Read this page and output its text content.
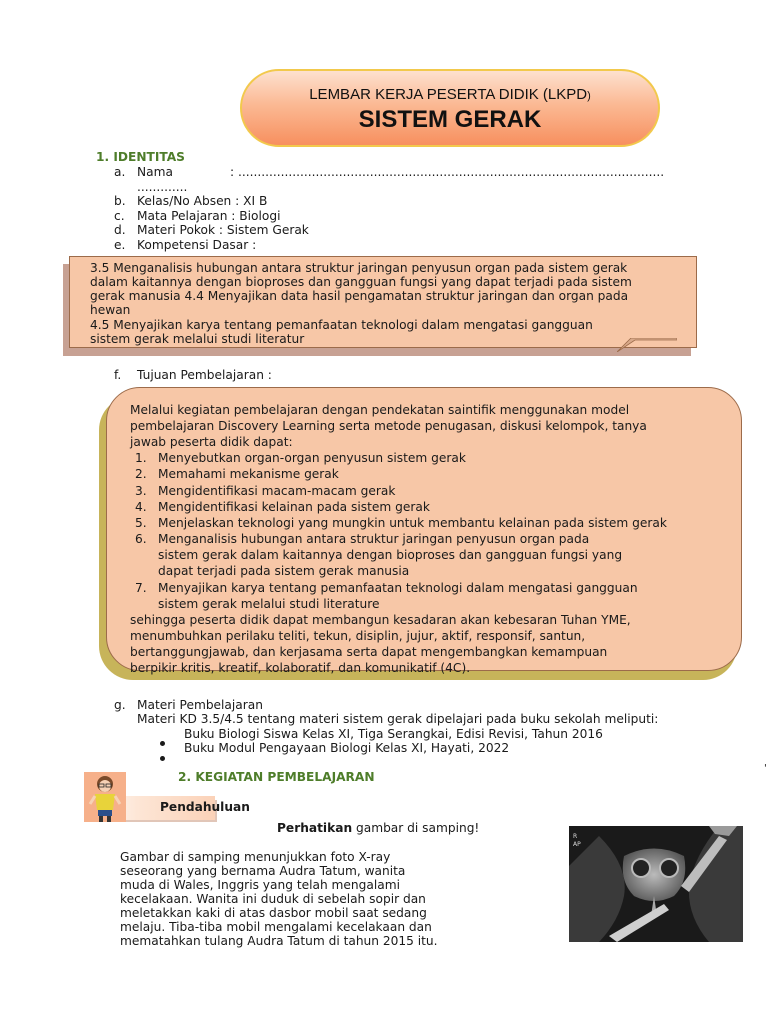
LEMBAR KERJA PESERTA DIDIK (LKPD)
SISTEM GERAK
1. IDENTITAS
a. Nama	: ..............................................................................................................
.............
b. Kelas/No Absen : XI B
c. Mata Pelajaran : Biologi
d. Materi Pokok : Sistem Gerak
e. Kompetensi Dasar :
3.5 Menganalisis hubungan antara struktur jaringan penyusun organ pada sistem gerak
dalam kaitannya dengan bioproses dan gangguan fungsi yang dapat terjadi pada sistem
gerak manusia 4.4 Menyajikan data hasil pengamatan struktur jaringan dan organ pada
hewan
4.5 Menyajikan karya tentang pemanfaatan teknologi dalam mengatasi gangguan
sistem gerak melalui studi literatur
f. Tujuan Pembelajaran :
Melalui kegiatan pembelajaran dengan pendekatan saintifik menggunakan model
pembelajaran Discovery Learning serta metode penugasan, diskusi kelompok, tanya
jawab peserta didik dapat:
1. Menyebutkan organ-organ penyusun sistem gerak
2. Memahami mekanisme gerak
3. Mengidentifikasi macam-macam gerak
4. Mengidentifikasi kelainan pada sistem gerak
5. Menjelaskan teknologi yang mungkin untuk membantu kelainan pada sistem gerak
6. Menganalisis hubungan antara struktur jaringan penyusun organ pada
sistem gerak dalam kaitannya dengan bioproses dan gangguan fungsi yang
dapat terjadi pada sistem gerak manusia
7. Menyajikan karya tentang pemanfaatan teknologi dalam mengatasi gangguan
sistem gerak melalui studi literature
sehingga peserta didik dapat membangun kesadaran akan kebesaran Tuhan YME,
menumbuhkan perilaku teliti, tekun, disiplin, jujur, aktif, responsif, santun,
bertanggungjawab, dan kerjasama serta dapat mengembangkan kemampuan
berpikir kritis, kreatif, kolaboratif, dan komunikatif (4C).
g. Materi Pembelajaran
Materi KD 3.5/4.5 tentang materi sistem gerak dipelajari pada buku sekolah meliputi:
Buku Biologi Siswa Kelas XI, Tiga Serangkai, Edisi Revisi, Tahun 2016
Buku Modul Pengayaan Biologi Kelas XI, Hayati, 2022
2. KEGIATAN PEMBELAJARAN
'
Pendahuluan
Perhatikan gambar di samping!
Gambar di samping menunjukkan foto X-ray
seseorang yang bernama Audra Tatum, wanita
muda di Wales, Inggris yang telah mengalami
kecelakaan. Wanita ini duduk di sebelah sopir dan
meletakkan kaki di atas dasbor mobil saat sedang
melaju. Tiba-tiba mobil mengalami kecelakaan dan
mematahkan tulang Audra Tatum di tahun 2015 itu.
R
AP
